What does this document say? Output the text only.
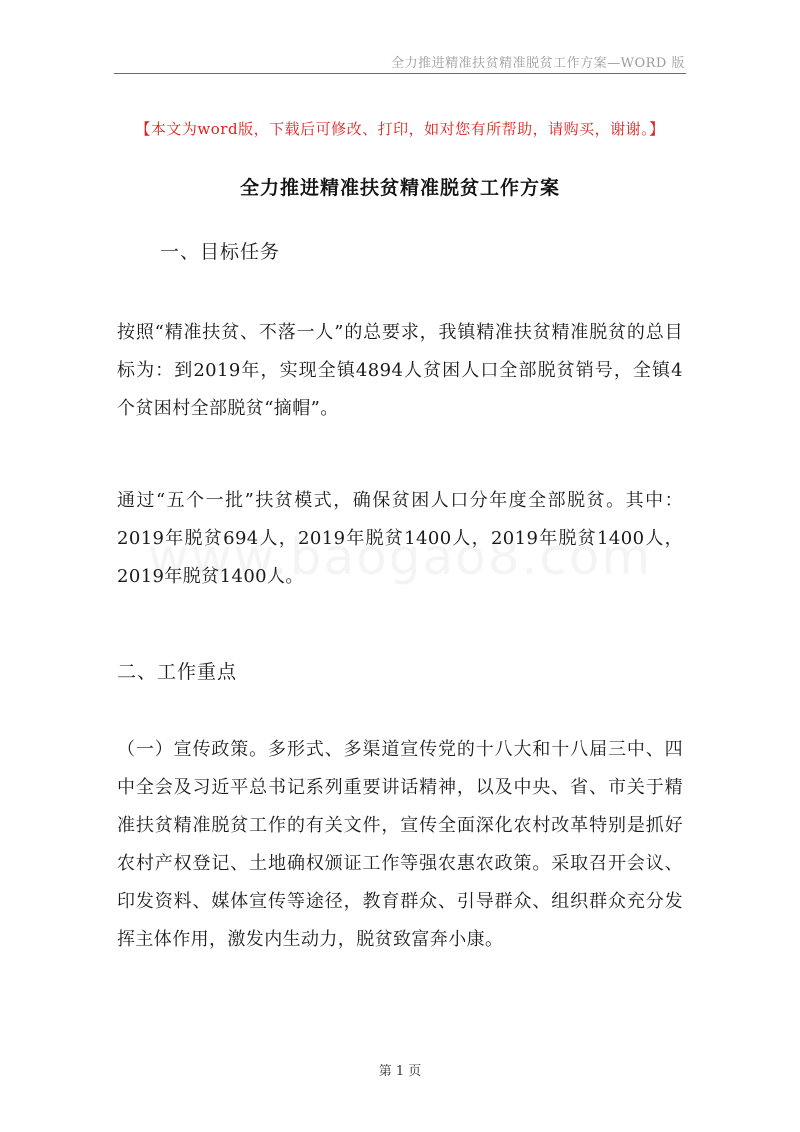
全力推进精准扶贫精准脱贫工作方案—WORD 版
【本文为word版，下载后可修改、打印，如对您有所帮助，请购买，谢谢。】
全力推进精准扶贫精准脱贫工作方案
一、目标任务
按照“精准扶贫、不落一人”的总要求，我镇精准扶贫精准脱贫的总目标为：到2019年，实现全镇4894人贫困人口全部脱贫销号，全镇4个贫困村全部脱贫“摘帽”。
通过“五个一批”扶贫模式，确保贫困人口分年度全部脱贫。其中：2019年脱贫694人，2019年脱贫1400人，2019年脱贫1400人，2019年脱贫1400人。
二、工作重点
（一）宣传政策。多形式、多渠道宣传党的十八大和十八届三中、四中全会及习近平总书记系列重要讲话精神，以及中央、省、市关于精准扶贫精准脱贫工作的有关文件，宣传全面深化农村改革特别是抓好农村产权登记、土地确权颁证工作等强农惠农政策。采取召开会议、印发资料、媒体宣传等途径，教育群众、引导群众、组织群众充分发挥主体作用，激发内生动力，脱贫致富奔小康。
第 1 页
